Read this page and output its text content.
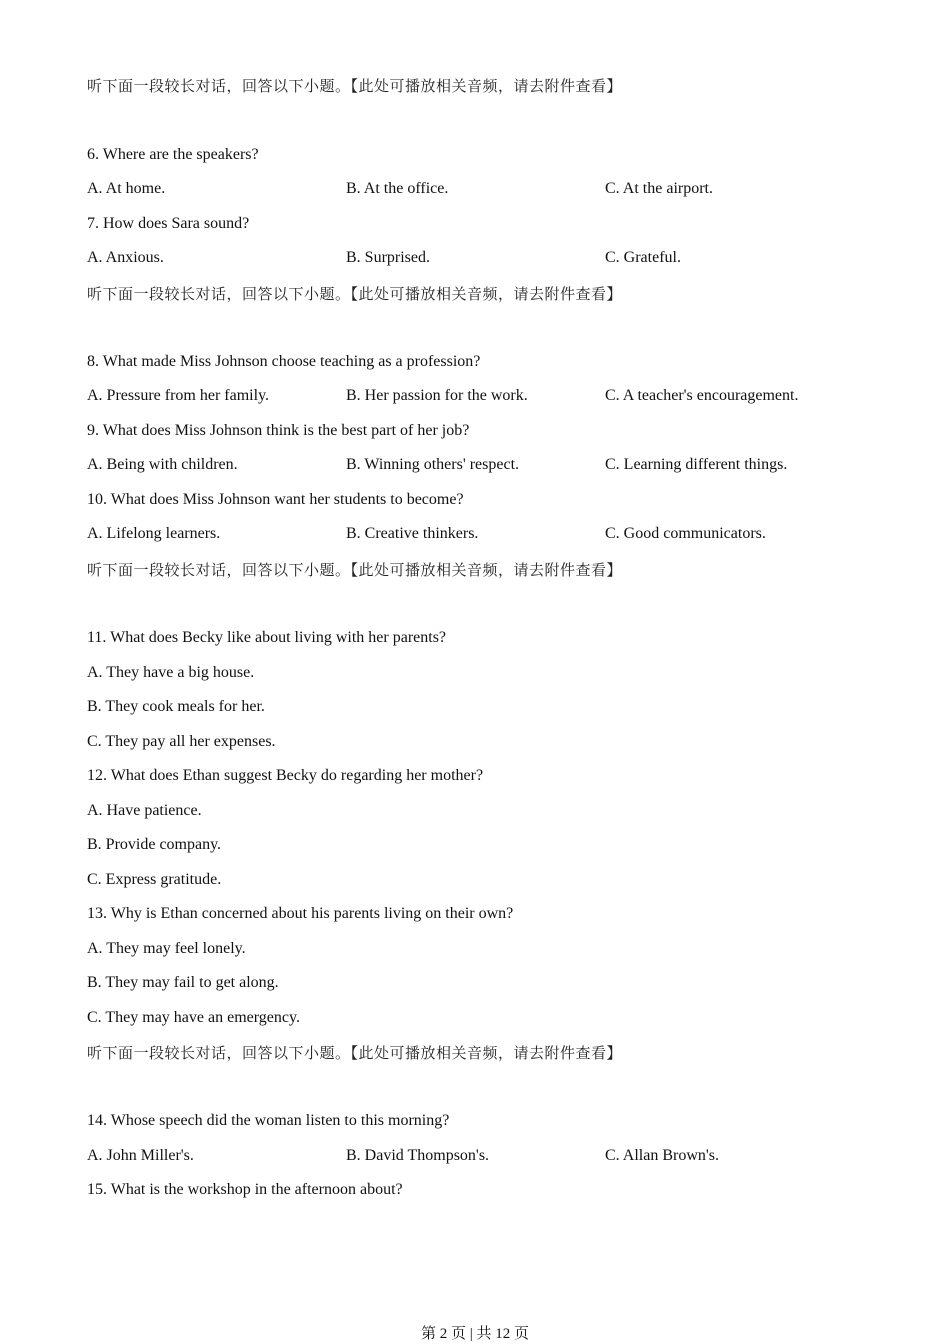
听下面一段较长对话，回答以下小题。【此处可播放相关音频，请去附件查看】
6. Where are the speakers?
A. At home.	B. At the office.	C. At the airport.
7. How does Sara sound?
A. Anxious.	B. Surprised.	C. Grateful.
听下面一段较长对话，回答以下小题。【此处可播放相关音频，请去附件查看】
8. What made Miss Johnson choose teaching as a profession?
A. Pressure from her family.	B. Her passion for the work.	C. A teacher's encouragement.
9. What does Miss Johnson think is the best part of her job?
A. Being with children.	B. Winning others' respect.	C. Learning different things.
10. What does Miss Johnson want her students to become?
A. Lifelong learners.	B. Creative thinkers.	C. Good communicators.
听下面一段较长对话，回答以下小题。【此处可播放相关音频，请去附件查看】
11. What does Becky like about living with her parents?
A. They have a big house.
B. They cook meals for her.
C. They pay all her expenses.
12. What does Ethan suggest Becky do regarding her mother?
A. Have patience.
B. Provide company.
C. Express gratitude.
13. Why is Ethan concerned about his parents living on their own?
A. They may feel lonely.
B. They may fail to get along.
C. They may have an emergency.
听下面一段较长对话，回答以下小题。【此处可播放相关音频，请去附件查看】
14. Whose speech did the woman listen to this morning?
A. John Miller's.	B. David Thompson's.	C. Allan Brown's.
15. What is the workshop in the afternoon about?
第 2 页 | 共 12 页
